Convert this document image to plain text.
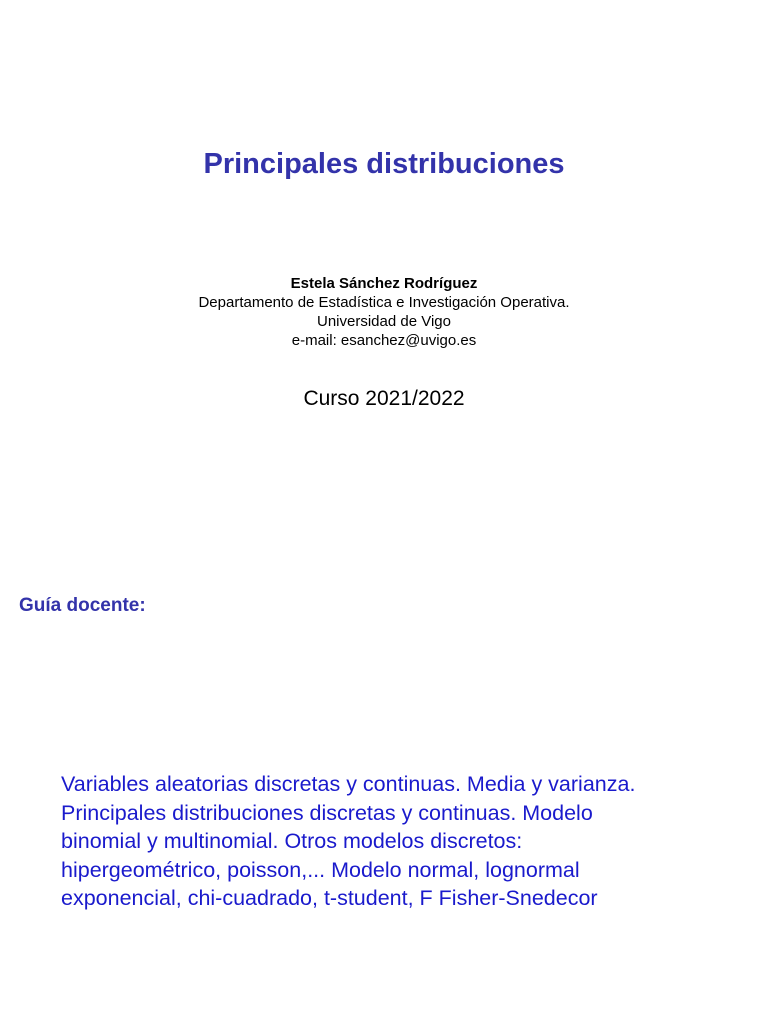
Principales distribuciones
Estela Sánchez Rodríguez
Departamento de Estadística e Investigación Operativa.
Universidad de Vigo
e-mail: esanchez@uvigo.es
Curso 2021/2022
Guía docente:
Variables aleatorias discretas y continuas. Media y varianza.
Principales distribuciones discretas y continuas. Modelo
binomial y multinomial. Otros modelos discretos:
hipergeométrico, poisson,... Modelo normal, lognormal
exponencial, chi-cuadrado, t-student, F Fisher-Snedecor
